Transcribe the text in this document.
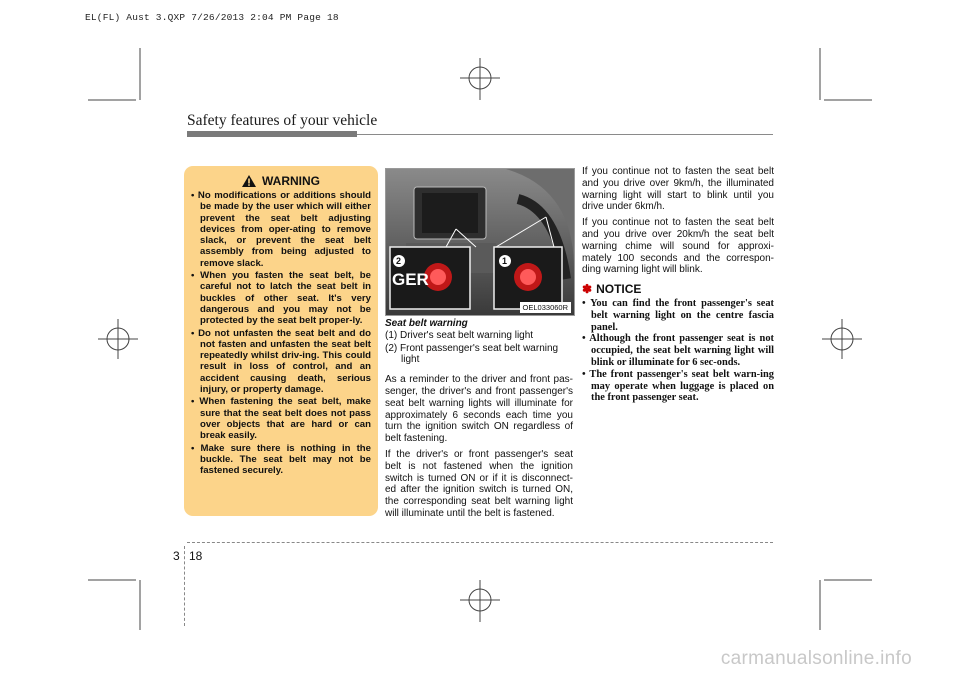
EL(FL) Aust 3.QXP 7/26/2013 2:04 PM Page 18
Safety features of your vehicle
WARNING
• No modifications or additions should be made by the user which will either prevent the seat belt adjusting devices from oper-ating to remove slack, or prevent the seat belt assembly from being adjusted to remove slack.
• When you fasten the seat belt, be careful not to latch the seat belt in buckles of other seat. It's very dangerous and you may not be protected by the seat belt proper-ly.
• Do not unfasten the seat belt and do not fasten and unfasten the seat belt repeatedly whilst driv-ing. This could result in loss of control, and an accident causing death, serious injury, or property damage.
• When fastening the seat belt, make sure that the seat belt does not pass over objects that are hard or can break easily.
• Make sure there is nothing in the buckle. The seat belt may not be fastened securely.
2	1
GER
OEL033060R
Seat belt warning

(1) Driver's seat belt warning light

(2) Front passenger's seat belt warning light

As a reminder to the driver and front pas-senger, the driver's and front passenger's seat belt warning lights will illuminate for approximately 6 seconds each time you turn the ignition switch ON regardless of belt fastening.

If the driver's or front passenger's seat belt is not fastened when the ignition switch is turned ON or if it is disconnect-ed after the ignition switch is turned ON, the corresponding seat belt warning light will illuminate until the belt is fastened.

If you continue not to fasten the seat belt and you drive over 9km/h, the illuminated warning light will start to blink until you drive under 6km/h.

If you continue not to fasten the seat belt and you drive over 20km/h the seat belt warning chime will sound for approxi-mately 100 seconds and the correspon-ding warning light will blink.

✽ NOTICE
• You can find the front passenger's seat belt warning light on the centre fascia panel.
• Although the front passenger seat is not occupied, the seat belt warning light will blink or illuminate for 6 sec-onds.
• The front passenger's seat belt warn-ing may operate when luggage is placed on the front passenger seat.
3 18
carmanualsonline.info
